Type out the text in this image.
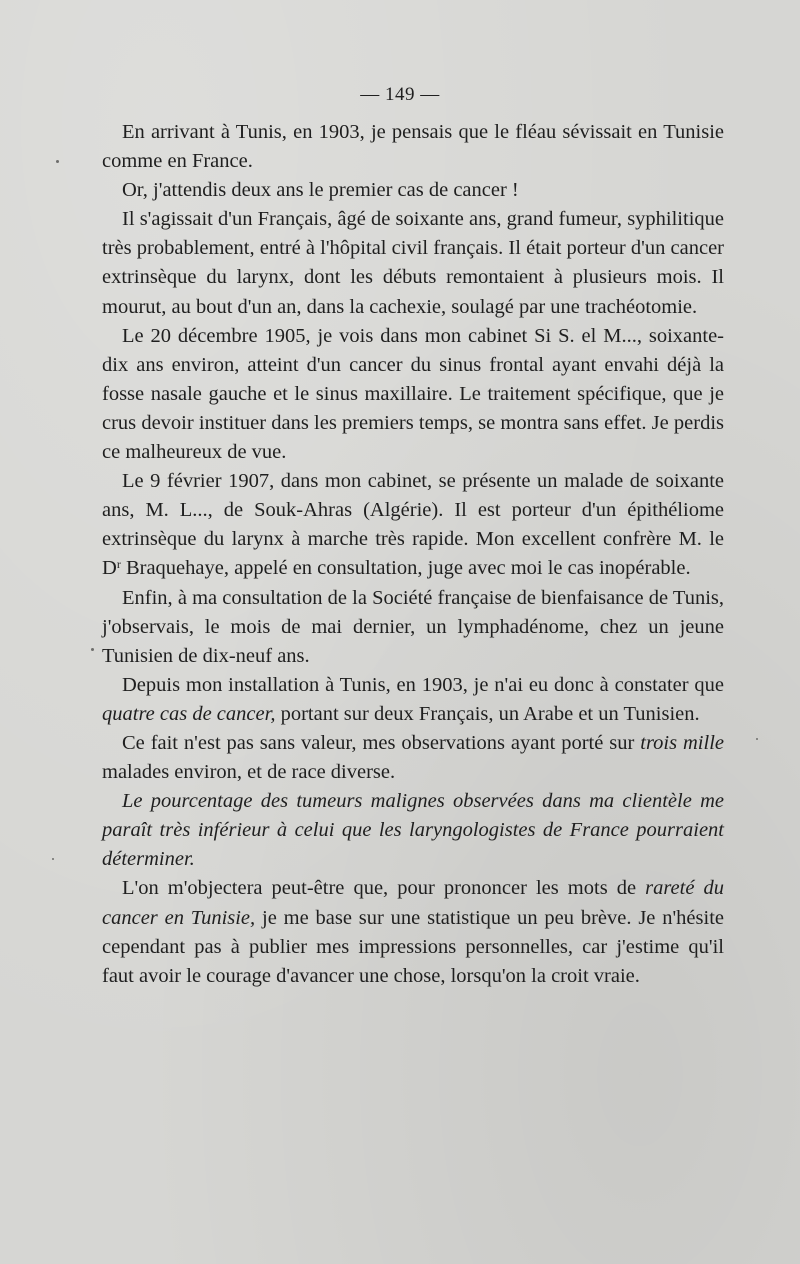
— 149 —

En arrivant à Tunis, en 1903, je pensais que le fléau sévissait en Tunisie comme en France.

Or, j'attendis deux ans le premier cas de cancer !

Il s'agissait d'un Français, âgé de soixante ans, grand fumeur, syphilitique très probablement, entré à l'hôpital civil français. Il était porteur d'un cancer extrinsèque du larynx, dont les débuts remontaient à plusieurs mois. Il mourut, au bout d'un an, dans la cachexie, soulagé par une trachéotomie.

Le 20 décembre 1905, je vois dans mon cabinet Si S. el M..., soixante-dix ans environ, atteint d'un cancer du sinus frontal ayant envahi déjà la fosse nasale gauche et le sinus maxillaire. Le traitement spécifique, que je crus devoir instituer dans les premiers temps, se montra sans effet. Je perdis ce malheureux de vue.

Le 9 février 1907, dans mon cabinet, se présente un malade de soixante ans, M. L..., de Souk-Ahras (Algérie). Il est porteur d'un épithéliome extrinsèque du larynx à marche très rapide. Mon excellent confrère M. le $D^r$ Braquehaye, appelé en consultation, juge avec moi le cas inopérable.

Enfin, à ma consultation de la Société française de bienfaisance de Tunis, j'observais, le mois de mai dernier, un lymphadénome, chez un jeune Tunisien de dix-neuf ans.

Depuis mon installation à Tunis, en 1903, je n'ai eu donc à constater que quatre cas de cancer, portant sur deux Français, un Arabe et un Tunisien.

Ce fait n'est pas sans valeur, mes observations ayant porté sur trois mille malades environ, et de race diverse.

Le pourcentage des tumeurs malignes observées dans ma clientèle me paraît très inférieur à celui que les laryngologistes de France pourraient déterminer.

L'on m'objectera peut-être que, pour prononcer les mots de rareté du cancer en Tunisie, je me base sur une statistique un peu brève. Je n'hésite cependant pas à publier mes impressions personnelles, car j'estime qu'il faut avoir le courage d'avancer une chose, lorsqu'on la croit vraie.
